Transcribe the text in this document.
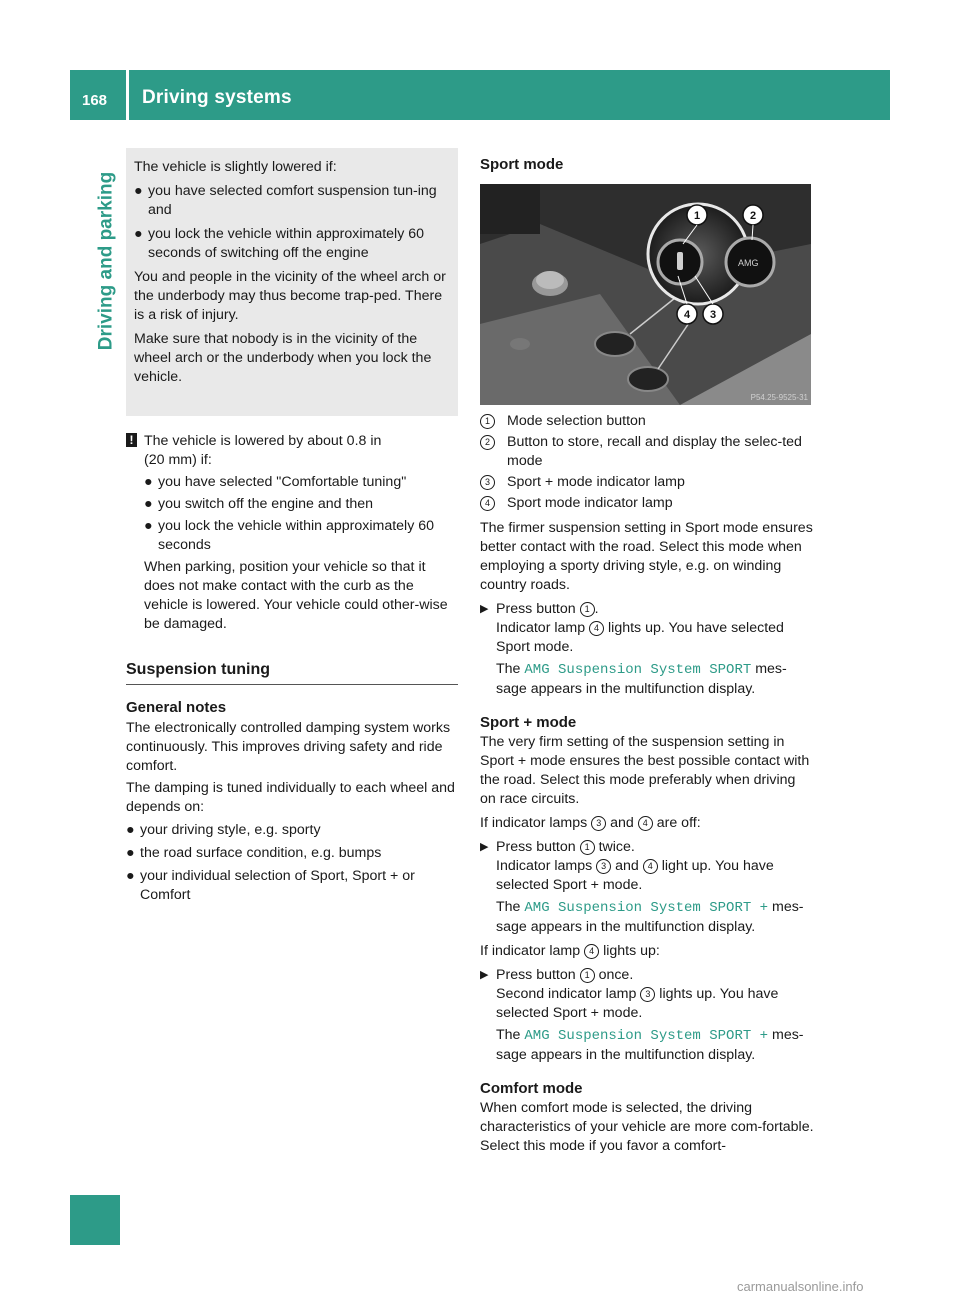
168 Driving systems
Driving and parking

The vehicle is slightly lowered if:

● you have selected comfort suspension tun-ing and

● you lock the vehicle within approximately 60 seconds of switching off the engine

You and people in the vicinity of the wheel arch or the underbody may thus become trap-ped. There is a risk of injury.

Make sure that nobody is in the vicinity of the wheel arch or the underbody when you lock the vehicle.

! The vehicle is lowered by about 0.8 in

(20 mm) if:

● you have selected "Comfortable tuning"

● you switch off the engine and then

● you lock the vehicle within approximately 60 seconds

When parking, position your vehicle so that it does not make contact with the curb as the vehicle is lowered. Your vehicle could other-wise be damaged.

Suspension tuning
General notes

The electronically controlled damping system works continuously. This improves driving safety and ride comfort.

The damping is tuned individually to each wheel and depends on:

● your driving style, e.g. sporty

● the road surface condition, e.g. bumps

● your individual selection of Sport, Sport + or Comfort

Sport mode
AMG
1	2
3
4
P54.25-9525-31

1	Mode selection button

2	Button to store, recall and display the selec-ted mode

3	Sport + mode indicator lamp

4	Sport mode indicator lamp

The firmer suspension setting in Sport mode ensures better contact with the road. Select this mode when employing a sporty driving style, e.g. on winding country roads.

▶ Press button 1 .
Indicator lamp 4 lights up. You have selected Sport mode.

The AMG Suspension System SPORT mes-
sage appears in the multifunction display.

Sport + mode

The very firm setting of the suspension setting in Sport + mode ensures the best possible contact with the road. Select this mode preferably when driving on race circuits.

If indicator lamps 3 and 4 are off:

▶ Press button 1 twice.
Indicator lamps 3 and 4 light up. You have selected Sport + mode.

The AMG Suspension System SPORT + mes-
sage appears in the multifunction display.

If indicator lamp 4 lights up:

▶ Press button 1 once.
Second indicator lamp 3 lights up. You have selected Sport + mode.

The AMG Suspension System SPORT + mes-
sage appears in the multifunction display.

Comfort mode

When comfort mode is selected, the driving characteristics of your vehicle are more com-fortable. Select this mode if you favor a comfort-

carmanualsonline.info
